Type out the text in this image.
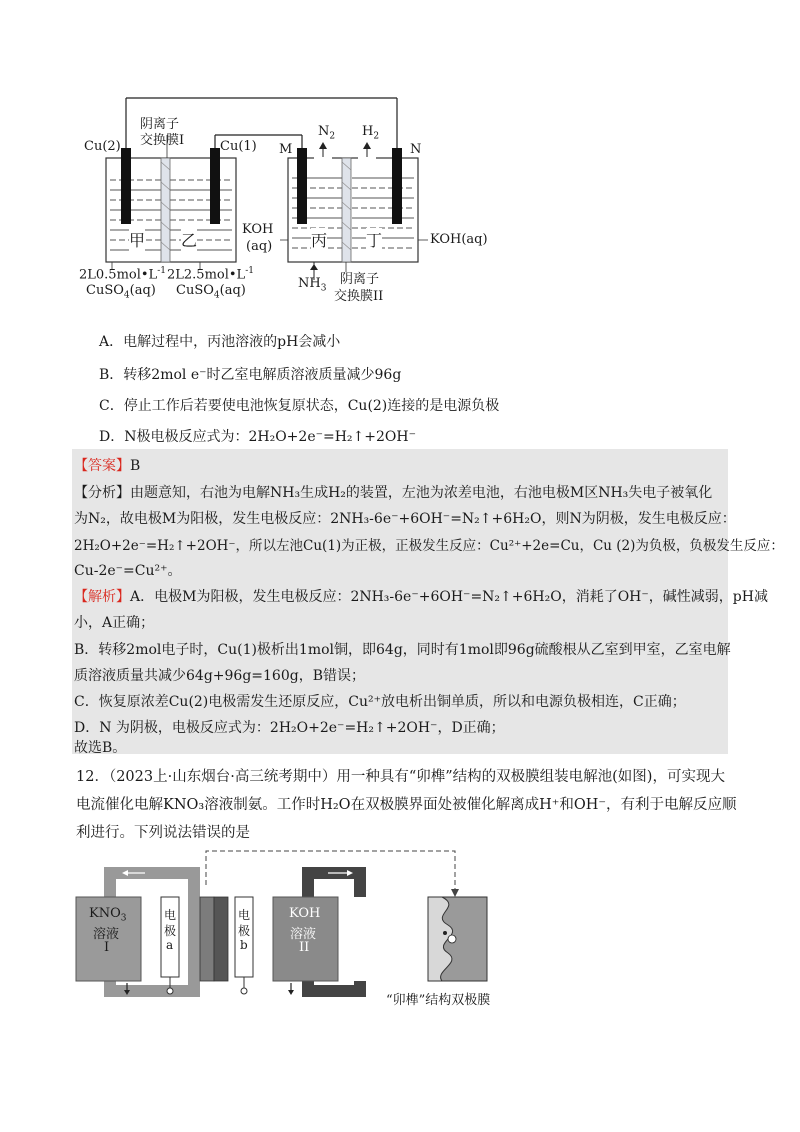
Cu(2)
阴离子
交换膜I	Cu(1) M
$N_2$ $H_2$
N
KOH
(aq)	KOH(aq)
甲 乙	丙 丁
$2L0.5mol•L^{-1}$
CuSO$_4$(aq)
$2L2.5mol•L^{-1}$
CuSO$_4$(aq)	$NH_3$
阴离子
交换膜II
A．电解过程中，丙池溶液的pH会减小
B．转移2mol e⁻时乙室电解质溶液质量减少96g
C．停止工作后若要使电池恢复原状态，Cu(2)连接的是电源负极
D．N极电极反应式为：2H₂O+2e⁻=H₂↑+2OH⁻
【答案】B
【分析】由题意知，右池为电解NH₃生成H₂的装置，左池为浓差电池，右池电极M区NH₃失电子被氧化
为N₂，故电极M为阳极，发生电极反应：2NH₃-6e⁻+6OH⁻=N₂↑+6H₂O，则N为阴极，发生电极反应：
2H₂O+2e⁻=H₂↑+2OH⁻，所以左池Cu(1)为正极，正极发生反应：Cu²⁺+2e=Cu，Cu (2)为负极，负极发生反应：
Cu-2e⁻=Cu²⁺。
【解析】A．电极M为阳极，发生电极反应：2NH₃-6e⁻+6OH⁻=N₂↑+6H₂O，消耗了OH⁻，碱性减弱，pH减
小，A正确；
B．转移2mol电子时，Cu(1)极析出1mol铜，即64g，同时有1mol即96g硫酸根从乙室到甲室，乙室电解
质溶液质量共减少64g+96g=160g，B错误；
C．恢复原浓差Cu(2)电极需发生还原反应，Cu²⁺放电析出铜单质，所以和电源负极相连，C正确；
D．N 为阴极，电极反应式为：2H₂O+2e⁻=H₂↑+2OH⁻，D正确；
故选B。
12．（2023上·山东烟台·高三统考期中）用一种具有“卯榫”结构的双极膜组装电解池(如图)，可实现大
电流催化电解KNO₃溶液制氨。工作时H₂O在双极膜界面处被催化解离成H⁺和OH⁻，有利于电解反应顺
利进行。下列说法错误的是
$KNO_3$
溶液
I
电
极
a
电
极
b
KOH
溶液
II
“卯榫”结构双极膜
